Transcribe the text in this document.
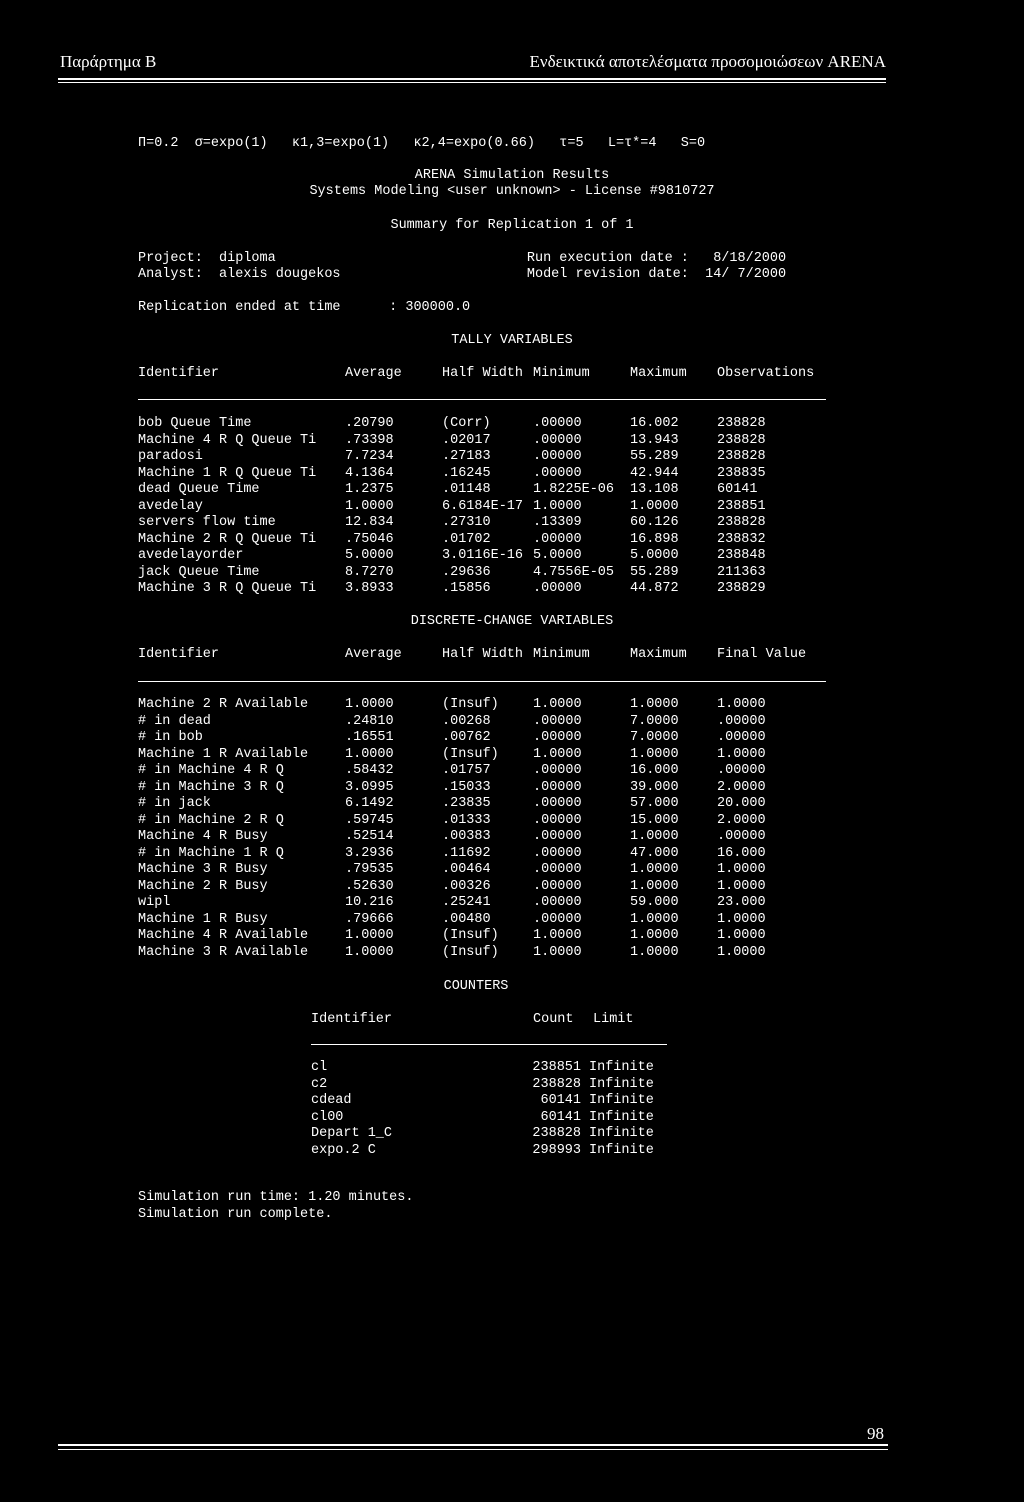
Παράρτημα Β	Ενδεικτικά αποτελέσματα προσομοιώσεων ARENA
Π=0.2  σ=expo(1)   κ1,3=expo(1)   κ2,4=expo(0.66)   τ=5   L=τ*=4   S=0
ARENA Simulation Results
Systems Modeling <user unknown> - License #9810727
Summary for Replication 1 of 1
Project:  diploma                               Run execution date :   8/18/2000
Analyst:  alexis dougekos                       Model revision date:  14/ 7/2000
Replication ended at time      : 300000.0
TALLY VARIABLES
Identifier	Average	Half Width	Minimum	Maximum	Observations
bob Queue Time	.20790	(Corr)	.00000	16.002	238828
Machine 4 R Q Queue Ti	.73398	.02017	.00000	13.943	238828
paradosi	7.7234	.27183	.00000	55.289	238828
Machine 1 R Q Queue Ti	4.1364	.16245	.00000	42.944	238835
dead Queue Time	1.2375	.01148	1.8225E-06	13.108	60141
avedelay	1.0000	6.6184E-17	1.0000	1.0000	238851
servers flow time	12.834	.27310	.13309	60.126	238828
Machine 2 R Q Queue Ti	.75046	.01702	.00000	16.898	238832
avedelayorder	5.0000	3.0116E-16	5.0000	5.0000	238848
jack Queue Time	8.7270	.29636	4.7556E-05	55.289	211363
Machine 3 R Q Queue Ti	3.8933	.15856	.00000	44.872	238829
DISCRETE-CHANGE VARIABLES
Identifier	Average	Half Width	Minimum	Maximum	Final Value
Machine 2 R Available	1.0000	(Insuf)	1.0000	1.0000	1.0000
# in dead	.24810	.00268	.00000	7.0000	.00000
# in bob	.16551	.00762	.00000	7.0000	.00000
Machine 1 R Available	1.0000	(Insuf)	1.0000	1.0000	1.0000
# in Machine 4 R Q	.58432	.01757	.00000	16.000	.00000
# in Machine 3 R Q	3.0995	.15033	.00000	39.000	2.0000
# in jack	6.1492	.23835	.00000	57.000	20.000
# in Machine 2 R Q	.59745	.01333	.00000	15.000	2.0000
Machine 4 R Busy	.52514	.00383	.00000	1.0000	.00000
# in Machine 1 R Q	3.2936	.11692	.00000	47.000	16.000
Machine 3 R Busy	.79535	.00464	.00000	1.0000	1.0000
Machine 2 R Busy	.52630	.00326	.00000	1.0000	1.0000
wipl	10.216	.25241	.00000	59.000	23.000
Machine 1 R Busy	.79666	.00480	.00000	1.0000	1.0000
Machine 4 R Available	1.0000	(Insuf)	1.0000	1.0000	1.0000
Machine 3 R Available	1.0000	(Insuf)	1.0000	1.0000	1.0000
COUNTERS
Identifier	Count	Limit
cl	238851	Infinite
c2	238828	Infinite
cdead	60141	Infinite
cl00	60141	Infinite
Depart 1_C	238828	Infinite
expo.2 C	298993	Infinite
Simulation run time: 1.20 minutes.
Simulation run complete.
98
